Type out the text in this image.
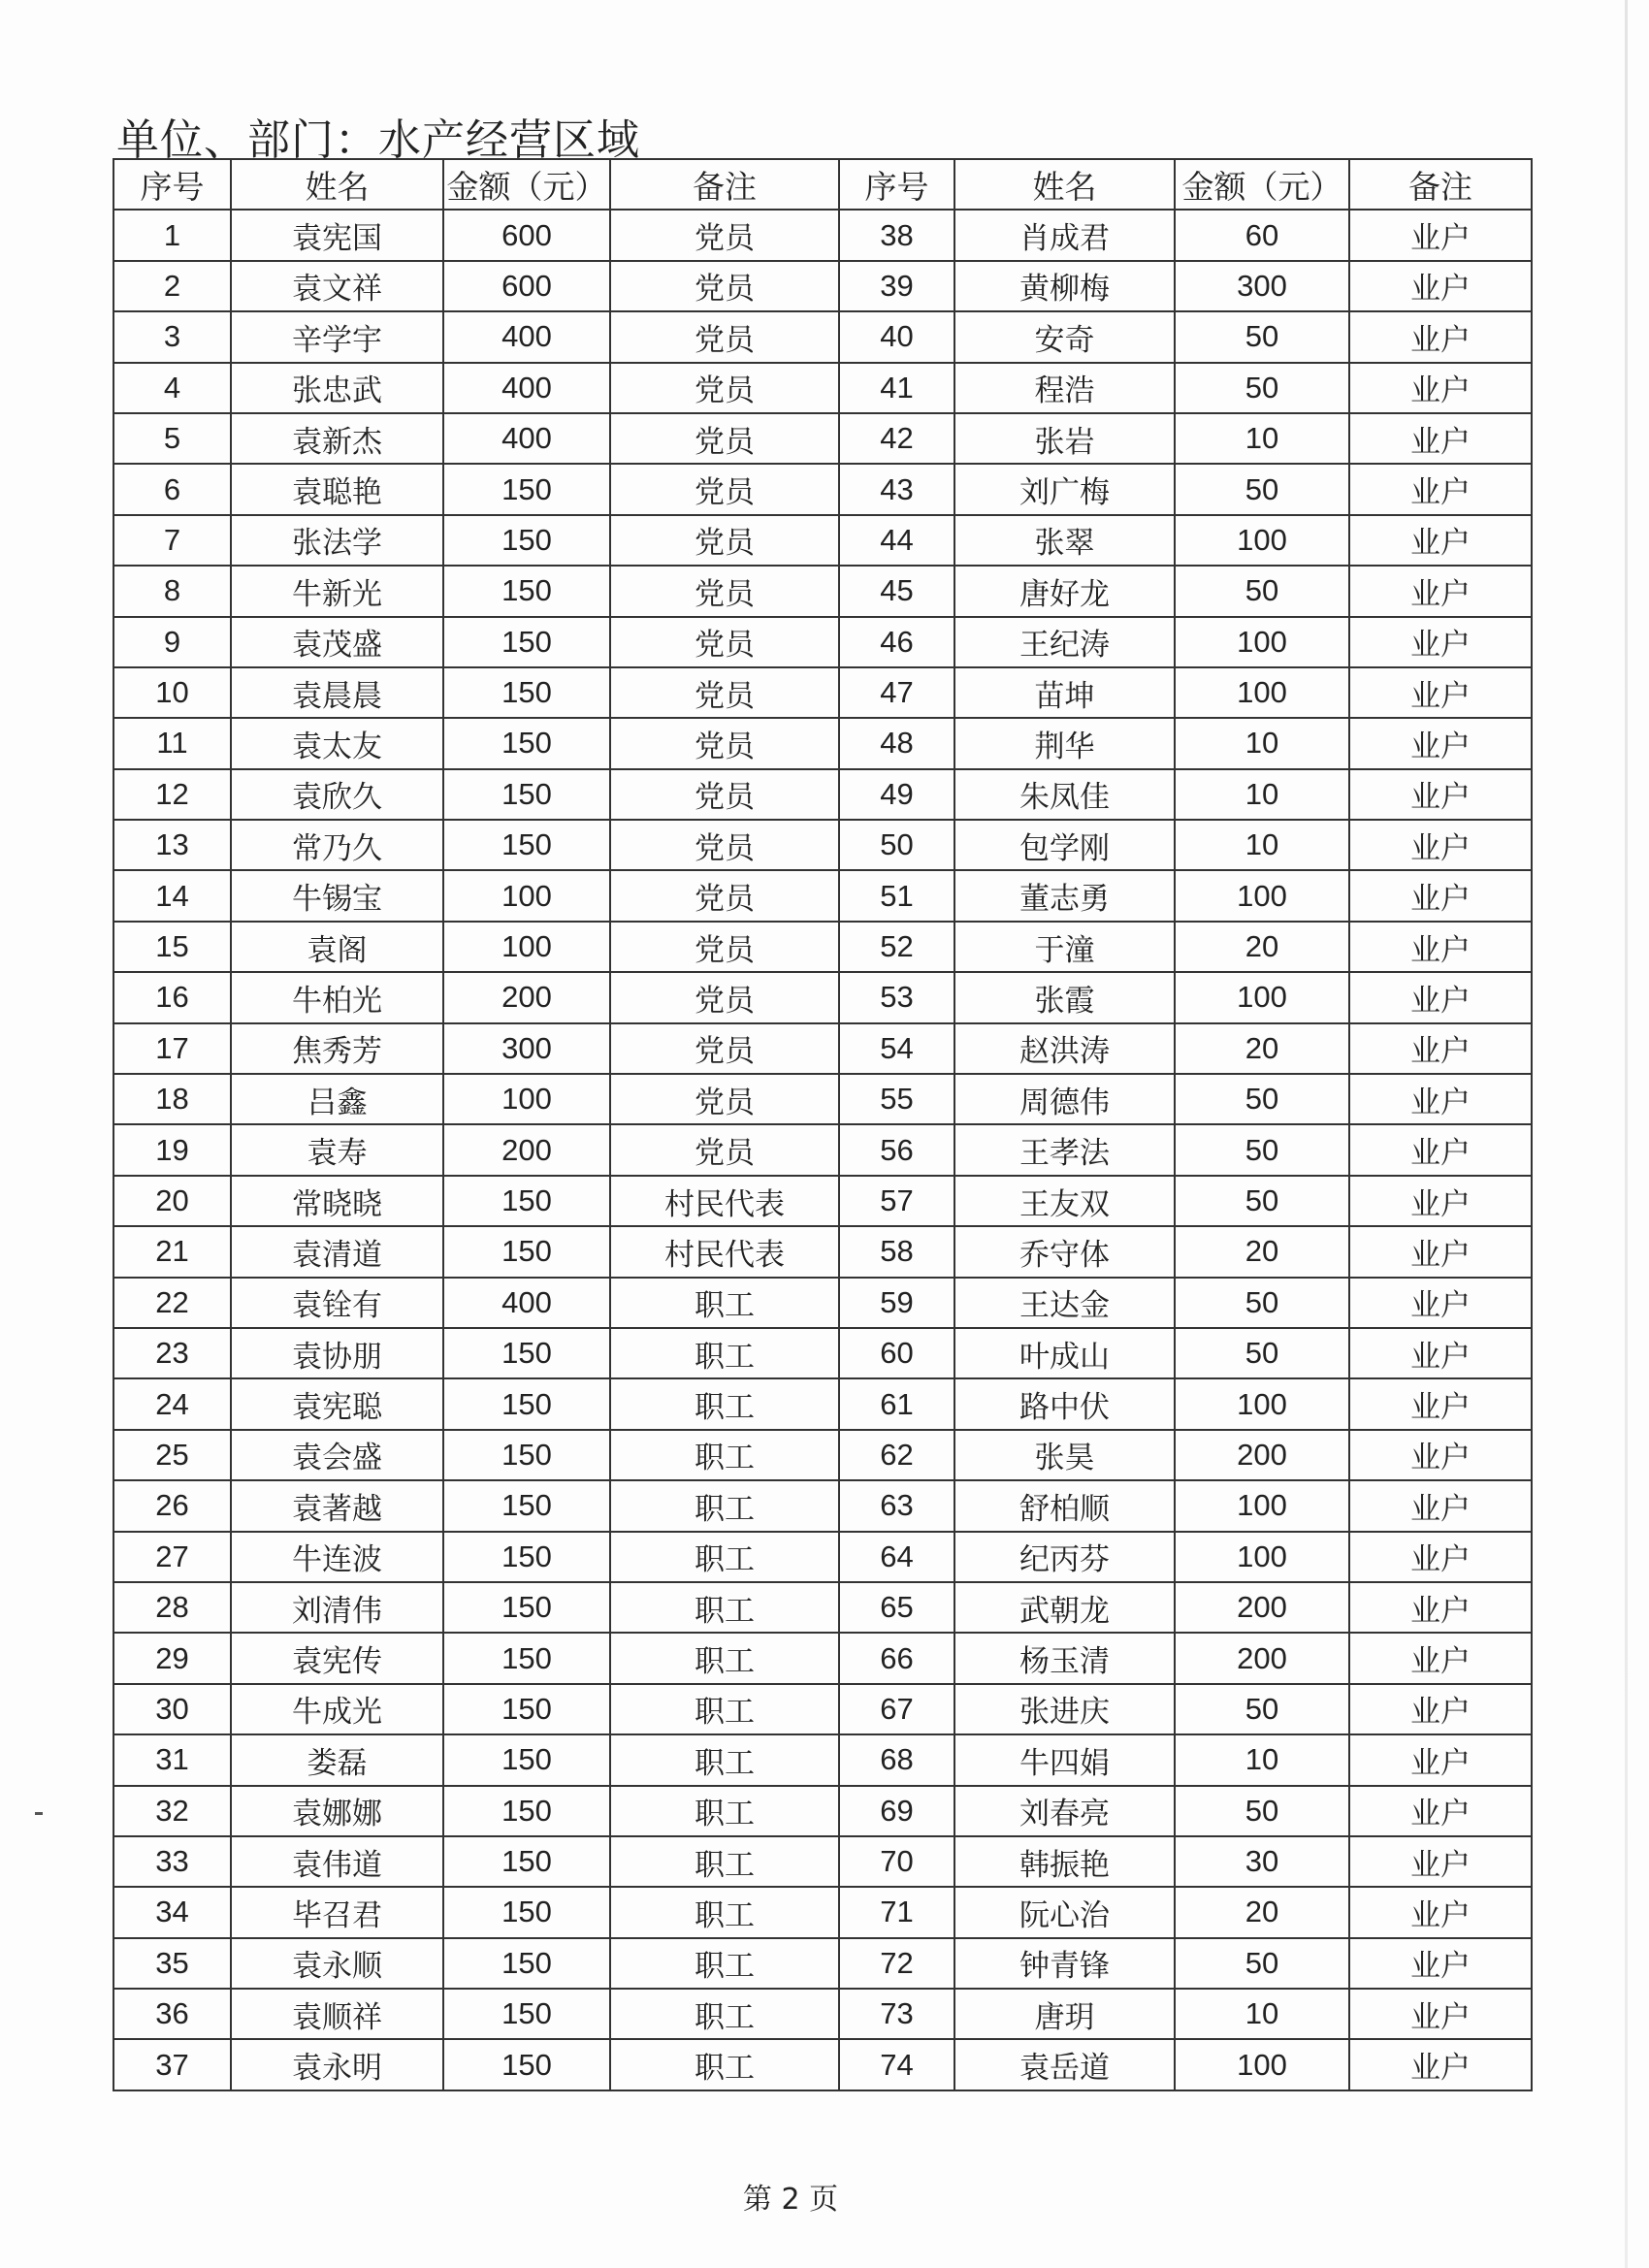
单位、部门：水产经营区域
序号	姓名	金额（元）	备注	序号	姓名	金额（元）	备注
1	袁宪国	600	党员	38	肖成君	60	业户
2	袁文祥	600	党员	39	黄柳梅	300	业户
3	辛学宇	400	党员	40	安奇	50	业户
4	张忠武	400	党员	41	程浩	50	业户
5	袁新杰	400	党员	42	张岩	10	业户
6	袁聪艳	150	党员	43	刘广梅	50	业户
7	张法学	150	党员	44	张翠	100	业户
8	牛新光	150	党员	45	唐好龙	50	业户
9	袁茂盛	150	党员	46	王纪涛	100	业户
10	袁晨晨	150	党员	47	苗坤	100	业户
11	袁太友	150	党员	48	荆华	10	业户
12	袁欣久	150	党员	49	朱凤佳	10	业户
13	常乃久	150	党员	50	包学刚	10	业户
14	牛锡宝	100	党员	51	董志勇	100	业户
15	袁阁	100	党员	52	于潼	20	业户
16	牛柏光	200	党员	53	张霞	100	业户
17	焦秀芳	300	党员	54	赵洪涛	20	业户
18	吕鑫	100	党员	55	周德伟	50	业户
19	袁寿	200	党员	56	王孝法	50	业户
20	常晓晓	150	村民代表	57	王友双	50	业户
21	袁清道	150	村民代表	58	乔守体	20	业户
22	袁铨有	400	职工	59	王达金	50	业户
23	袁协朋	150	职工	60	叶成山	50	业户
24	袁宪聪	150	职工	61	路中伏	100	业户
25	袁会盛	150	职工	62	张昊	200	业户
26	袁著越	150	职工	63	舒柏顺	100	业户
27	牛连波	150	职工	64	纪丙芬	100	业户
28	刘清伟	150	职工	65	武朝龙	200	业户
29	袁宪传	150	职工	66	杨玉清	200	业户
30	牛成光	150	职工	67	张进庆	50	业户
31	娄磊	150	职工	68	牛四娟	10	业户
32	袁娜娜	150	职工	69	刘春亮	50	业户
33	袁伟道	150	职工	70	韩振艳	30	业户
34	毕召君	150	职工	71	阮心治	20	业户
35	袁永顺	150	职工	72	钟青锋	50	业户
36	袁顺祥	150	职工	73	唐玥	10	业户
37	袁永明	150	职工	74	袁岳道	100	业户
第 2 页
